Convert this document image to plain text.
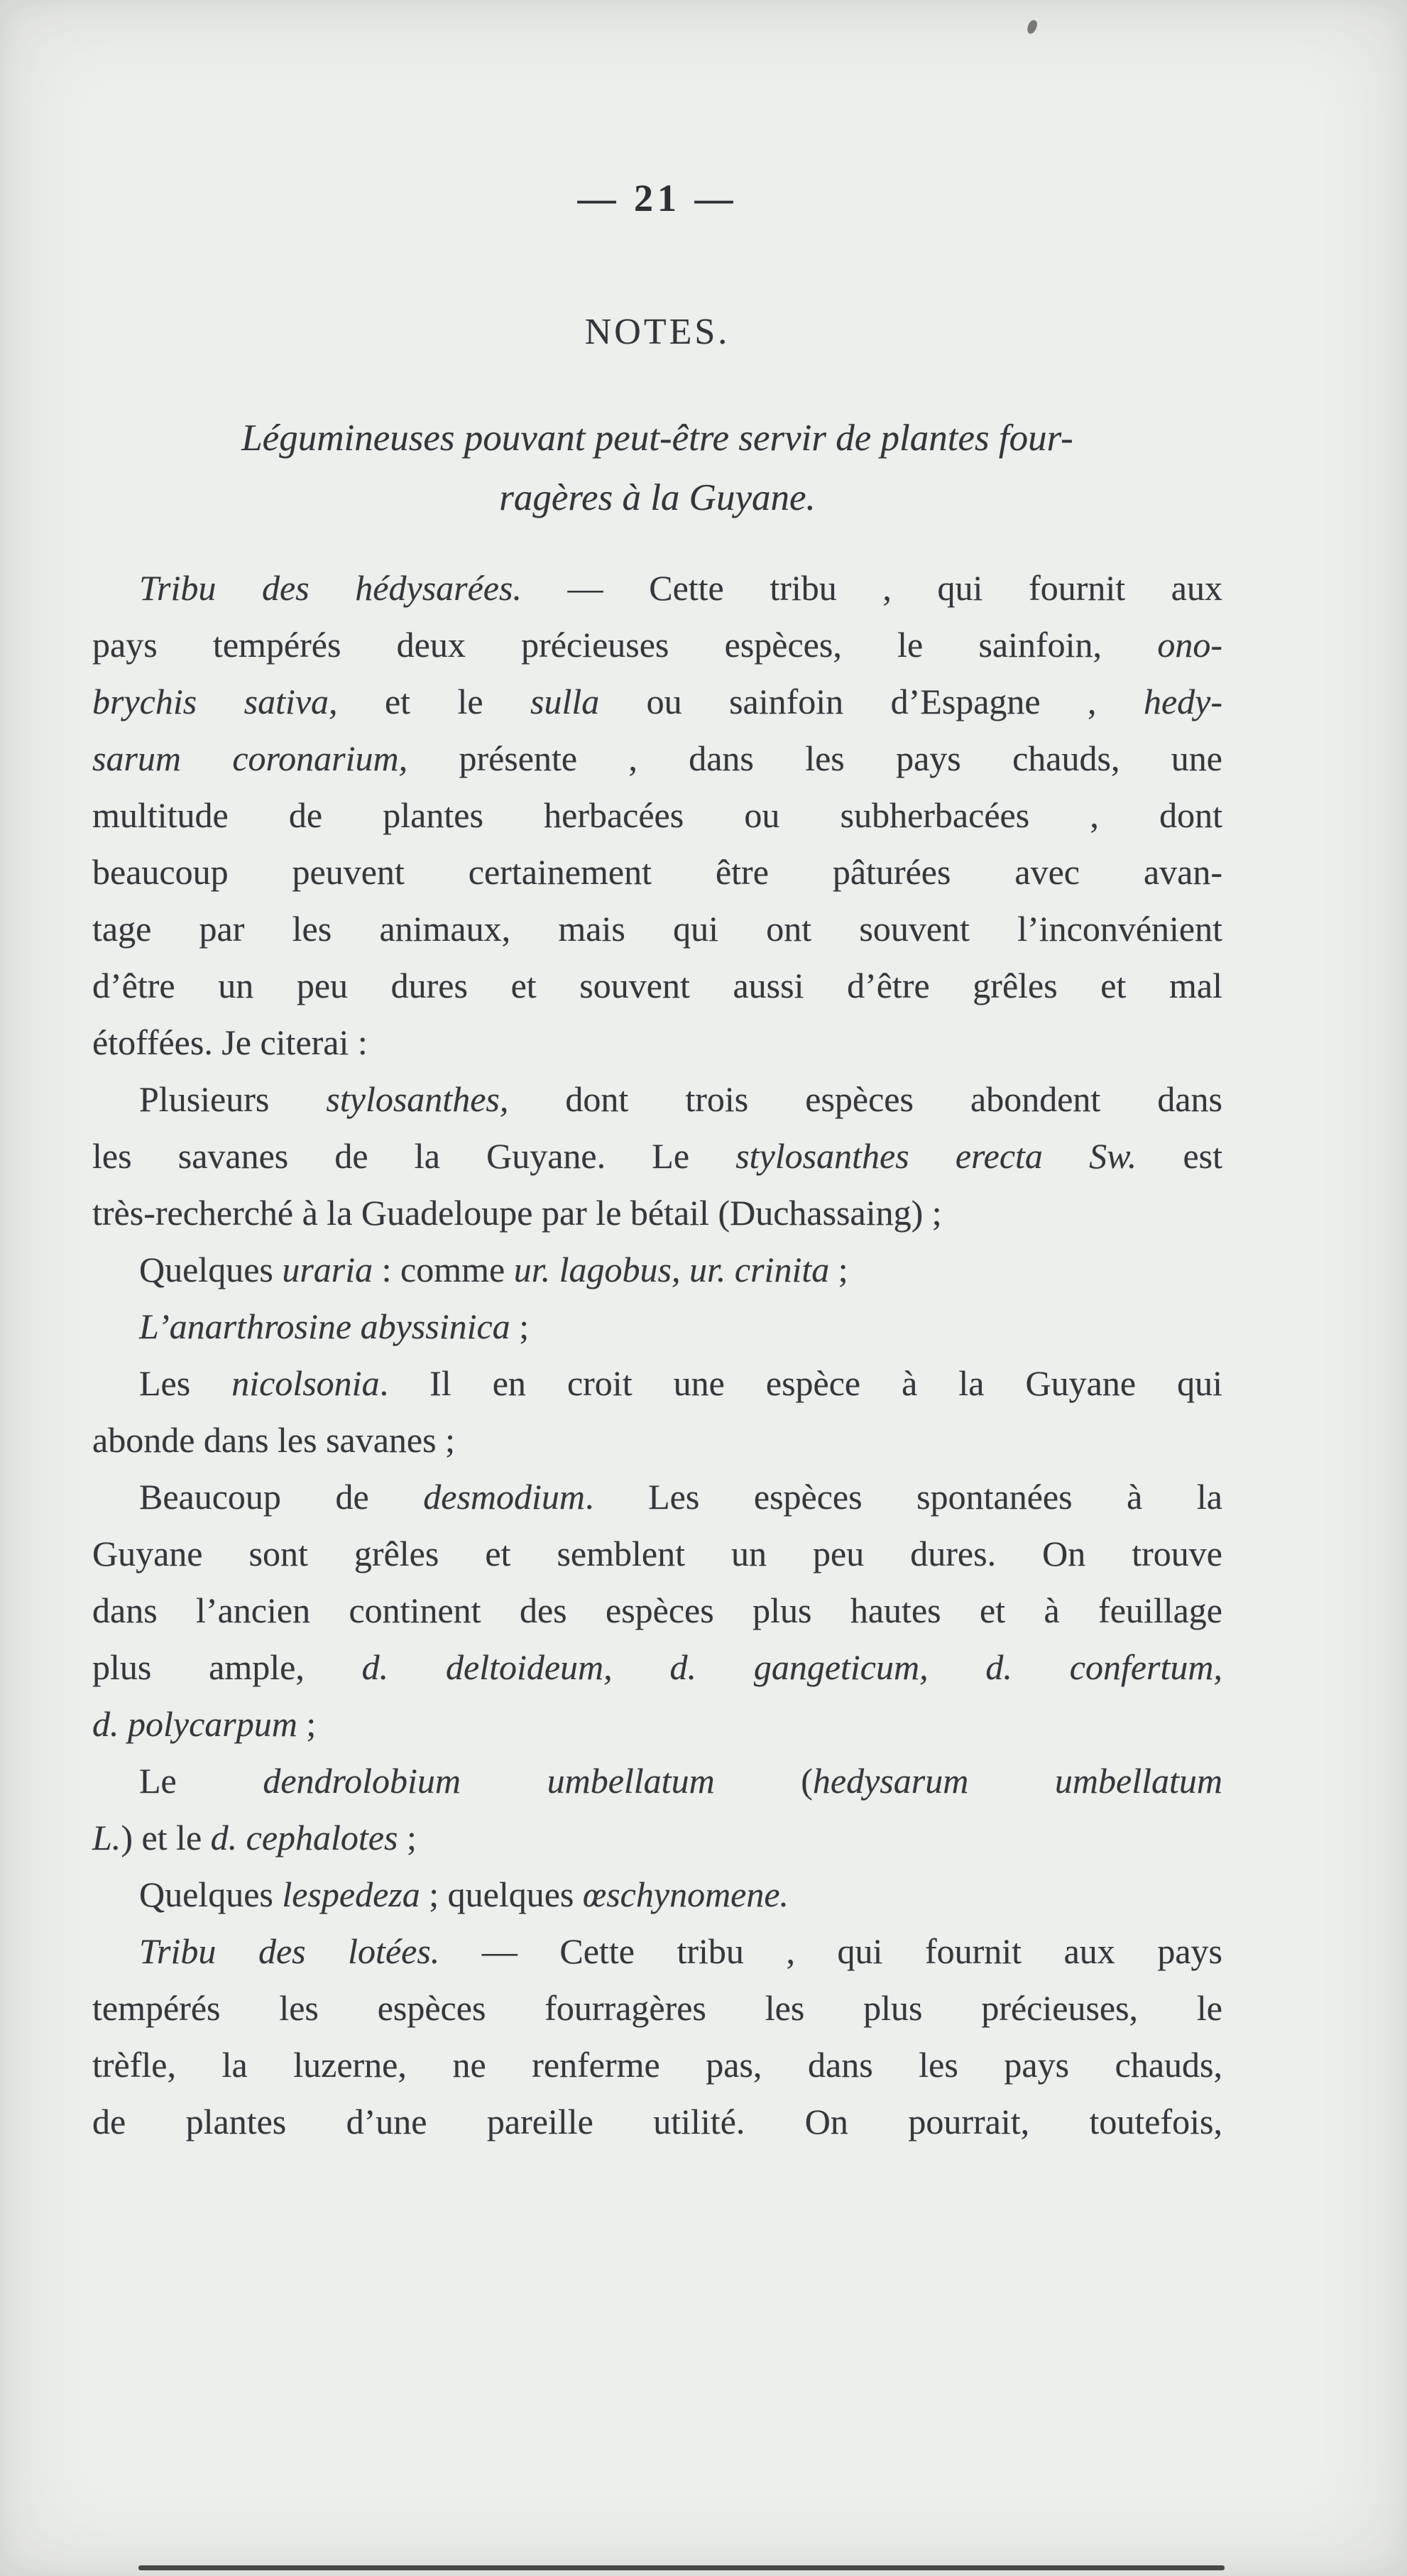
— 21 —
NOTES.
Légumineuses pouvant peut-être servir de plantes four-
ragères à la Guyane.
Tribu des hédysarées. — Cette tribu , qui fournit aux
pays tempérés deux précieuses espèces, le sainfoin, ono-
brychis sativa, et le sulla ou sainfoin d’Espagne , hedy-
sarum coronarium, présente , dans les pays chauds, une
multitude de plantes herbacées ou subherbacées , dont
beaucoup peuvent certainement être pâturées avec avan-
tage par les animaux, mais qui ont souvent l’inconvénient
d’être un peu dures et souvent aussi d’être grêles et mal
étoffées. Je citerai :
Plusieurs stylosanthes, dont trois espèces abondent dans
les savanes de la Guyane. Le stylosanthes erecta Sw. est
très-recherché à la Guadeloupe par le bétail (Duchassaing) ;
Quelques uraria : comme ur. lagobus, ur. crinita ;
L’anarthrosine abyssinica ;
Les nicolsonia. Il en croit une espèce à la Guyane qui
abonde dans les savanes ;
Beaucoup de desmodium. Les espèces spontanées à la
Guyane sont grêles et semblent un peu dures. On trouve
dans l’ancien continent des espèces plus hautes et à feuillage
plus ample, d. deltoideum, d. gangeticum, d. confertum,
d. polycarpum ;
Le dendrolobium umbellatum (hedysarum umbellatum
L.) et le d. cephalotes ;
Quelques lespedeza ; quelques œschynomene.
Tribu des lotées. — Cette tribu , qui fournit aux pays
tempérés les espèces fourragères les plus précieuses, le
trèfle, la luzerne, ne renferme pas, dans les pays chauds,
de plantes d’une pareille utilité. On pourrait, toutefois,
